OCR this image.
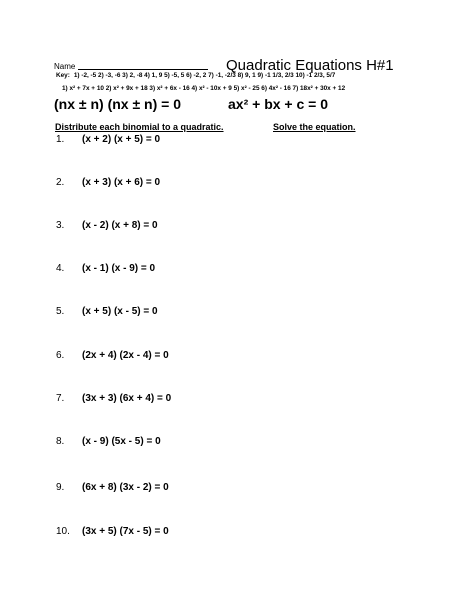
Name	Quadratic Equations H#1
Key: 1) -2, -5 2) -3, -6 3) 2, -8 4) 1, 9 5) -5, 5 6) -2, 2 7) -1, -2/3 8) 9, 1 9) -1 1/3, 2/3 10) -1 2/3, 5/7
1) x² + 7x + 10 2) x² + 9x + 18 3) x² + 6x - 16 4) x² - 10x + 9 5) x² - 25 6) 4x² - 16 7) 18x² + 30x + 12
(nx ± n) (nx ± n) = 0	ax² + bx + c = 0
Distribute each binomial to a quadratic.	Solve the equation.
1. (x + 2) (x + 5) = 0
2. (x + 3) (x + 6) = 0
3. (x - 2) (x + 8) = 0
4. (x - 1) (x - 9) = 0
5. (x + 5) (x - 5) = 0
6. (2x + 4) (2x - 4) = 0
7. (3x + 3) (6x + 4) = 0
8. (x - 9) (5x - 5) = 0
9. (6x + 8) (3x - 2) = 0
10. (3x + 5) (7x - 5) = 0
